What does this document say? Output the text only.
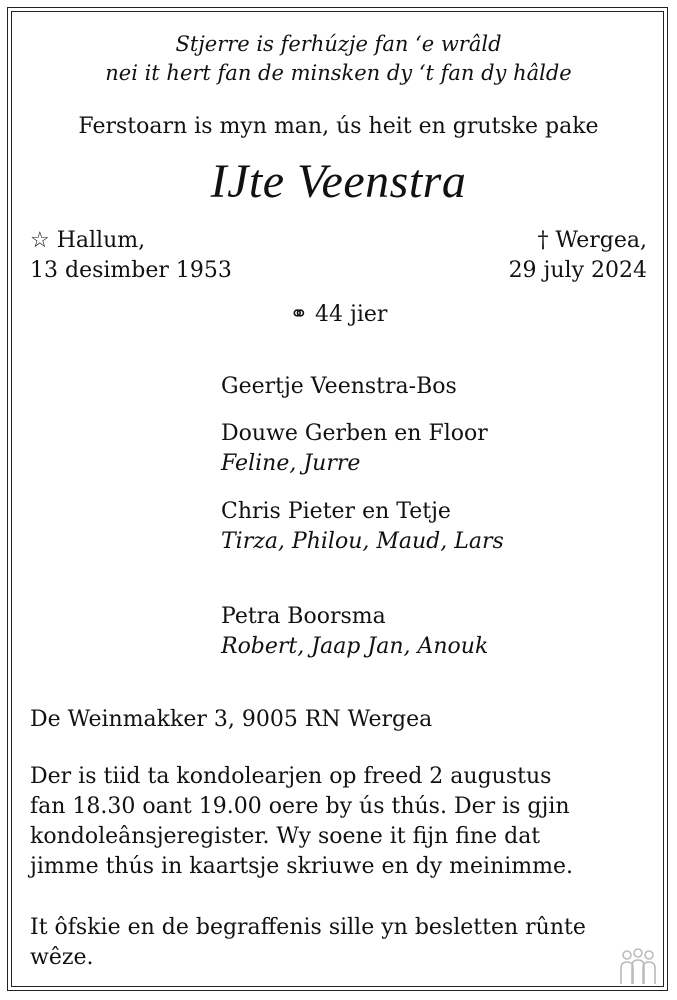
Stjerre is ferhúzje fan ‘e wrâld
nei it hert fan de minsken dy ‘t fan dy hâlde
Ferstoarn is myn man, ús heit en grutske pake
IJte Veenstra
☆ Hallum,
13 desimber 1953
† Wergea,
29 july 2024
⚭ 44 jier
Geertje Veenstra-Bos
Douwe Gerben en Floor
Feline, Jurre
Chris Pieter en Tetje
Tirza, Philou, Maud, Lars
Petra Boorsma
Robert, Jaap Jan, Anouk
De Weinmakker 3, 9005 RN Wergea
Der is tiid ta kondolearjen op freed 2 augustus
fan 18.30 oant 19.00 oere by ús thús. Der is gjin
kondoleânsjeregister. Wy soene it fijn fine dat
jimme thús in kaartsje skriuwe en dy meinimme.
It ôfskie en de begraffenis sille yn besletten rûnte
wêze.
